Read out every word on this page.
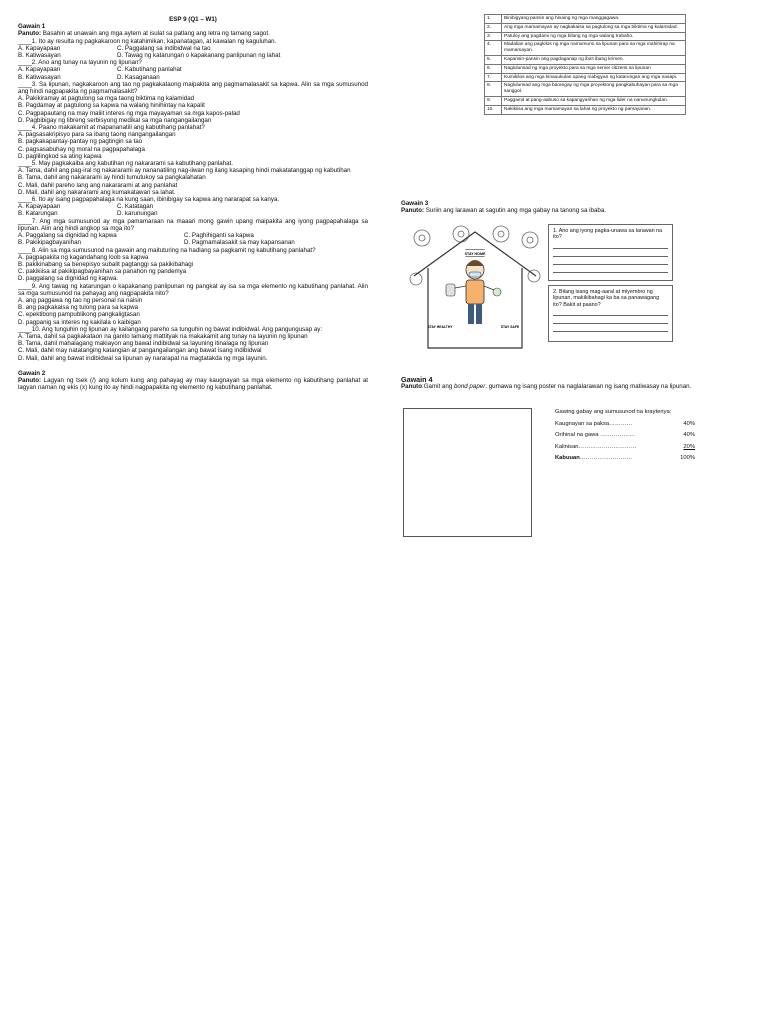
ESP 9 (Q1 – W1)
Gawain 1
Panuto: Basahin at unawain ang mga aytem at isulat sa patlang ang letra ng tamang sagot.
____1. Ito ay resulta ng pagkakaroon ng katahimikan, kapanatagan, at kawalan ng kaguluhan.
A. Kapayapaan	C. Paggalang sa indibidwal na tao
B. Katiwasayan	D. Tawag ng katarungan o kapakanang panlipunan ng lahat
____2. Ano ang tunay na layunin ng lipunan?
A. Kapayapaan	C. Kabutihang panlahat
B. Katiwasayan	D. Kasaganaan
____3. Sa lipunan, nagkakaroon ang tao ng pagkakataong maipakita ang pagmamalasakit sa kapwa. Alin sa mga sumusunod ang hindi nagpapakita ng pagmamalasakit?
A. Pakikiramay at pagtulong sa mga taong biktima ng kalamidad
B. Pagdamay at pagtulong sa kapwa na walang hinihintay na kapalit
C. Pagpapautang na may maliit interes ng mga mayayaman sa mga kapos-palad
D. Pagbibigay ng libreng serbisyong medikal sa mga nangangailangan
____4. Paano makakamit at mapananatili ang kabutihang panlahat?
A. pagsasakripisyo para sa ibang taong nangangailangan
B. pagkakapantay-pantay ng pagtingin sa tao
C. pagsasabuhay ng moral na pagpapahalaga
D. paglilingkod sa ating kapwa
____5. May pagkakaiba ang kabutihan ng nakararami sa kabutihang panlahat.
A. Tama, dahil ang pag-iral ng nakararami ay nananatiling nag-iiwan ng ilang kasaping hindi makatatanggap ng kabutihan
B. Tama, dahil ang nakararami ay hindi tumutukoy sa pangkalahatan
C. Mali, dahil pareho lang ang nakararami at ang panlahat
D. Mali, dahil ang nakararami ang kumakatawan sa lahat.
____6. Ito ay isang pagpapahalaga na kung saan, ibinibigay sa kapwa ang nararapat sa kanya.
A. Kapayapaan	C. Katatagan
B. Katarungan	D. karunungan
____7. Ang mga sumusunod ay mga pamamaraan na maaari mong gawin upang maipakita ang iyong pagpapahalaga sa lipunan. Alin ang hindi angkop sa mga ito?
A. Paggalang sa dignidad ng kapwa	C. Paghihiganti sa kapwa
B. Pakikipagbayanihan	D. Pagmamalasakit sa may kapansanan
____8. Alin sa mga sumusunod na gawain ang maituturing na hadlang sa pagkamit ng kabutihang panlahat?
A. pagpapakita ng kagandahang loob sa kapwa
B. pakikinabang sa benepisyo subalit pagtanggi sa pakikibahagi
C. pakikiisa at pakikipagbayanihan sa panahon ng pandemya
D. paggalang sa dignidad ng kapwa.
____9. Ang tawag ng katarungan o kapakanang panlipunan ng pangkat ay isa sa mga elemento ng kabutihang panlahat. Alin sa mga sumusunod na pahayag ang nagpapakita nito?
A. ang paggawa ng tao ng personal na naisin
B. ang pagkakaisa ng tulong para sa kapwa
C. epektibong pampublikong pangkaligtasan
D. pagpanig sa interes ng kakilala o kaibigan
____10. Ang tunguhin ng lipunan ay kailangang pareho sa tunguhin ng bawat indibidwal. Ang pangungusap ay:
A. Tama, dahil sa pagkakataon na ganito lamang mattityak na makakamit ang tunay na layunin ng lipunan
B. Tama, dahil mahalagang makiayon ang bawat indibidwal sa layuning itinalaga ng lipunan
C. Mali, dahil may natatanging katangian at pangangailangan ang bawat isang indibidwal
D. Mali, dahil ang bawat indibidwal sa lipunan ay nararapat na magtatakda ng mga layunin.
Gawain 2
Panuto: Lagyan ng tsek (/) ang kolum kung ang pahayag ay may kaugnayan sa mga elemento ng kabutihang panlahat at lagyan naman ng ekis (x) kung ito ay hindi nagpapakita ng elemento ng kabutihang panlahat.
1	Binibigyang pansin ang hinaing ng mga manggagawa.
2.	Ang mga mamamayan ay nagkakaisa sa pagtulong sa mga biktima ng kalamidad.
3.	Patuloy ang pagdami ng mga bilang ng mga walang trabaho.
4.	Madalian ang pagkilos ng mga namumuno sa lipunan para sa mga mahihirap na mamamayan.
5.	Kapansin-pansin ang pagdaganap ng iba't ibang krimen.
6.	Naglulunsad ng mga proyekto para sa mga senior citizens sa lipunan
7.	Kumikilos ang mga kinauukulan upang mabigyan ng katarungan ang mga naaapi.
8.	Naglulunsad ang mga barangay ng mga proyektong pangkabuhayan para sa mga sanggol.
9.	Paggamit at pang-aabuso sa kapangyarihan ng mga lider na nanunungkulan.
10.	Nakikiisa ang mga mamamayan sa lahat ng proyekto ng pamayanan.
Gawain 3
Panuto: Suriin ang larawan at sagutin ang mga gabay na tanong sa ibaba.
STAY HOME
STAY HEALTHY	STAY SAFE
1. Ano ang iyong pagka-unawa sa larawan na ito?
2. Bilang isang mag-aaral at miyembro ng lipunan, makikibahagi ka ba sa panawagang ito? Bakit at paano?
Gawain 4
Panuto:Gamit ang bond paper, gumawa ng isang poster na naglalarawan ng isang matiwasay na lipunan.
Gawing gabay ang sumusunod na krayteriya:
Kaugnayan sa paksa…………	40%
Orihinal na gawa ………………	40%
Kalinisan…………………………	20%
Kabuuan………………………	100%
